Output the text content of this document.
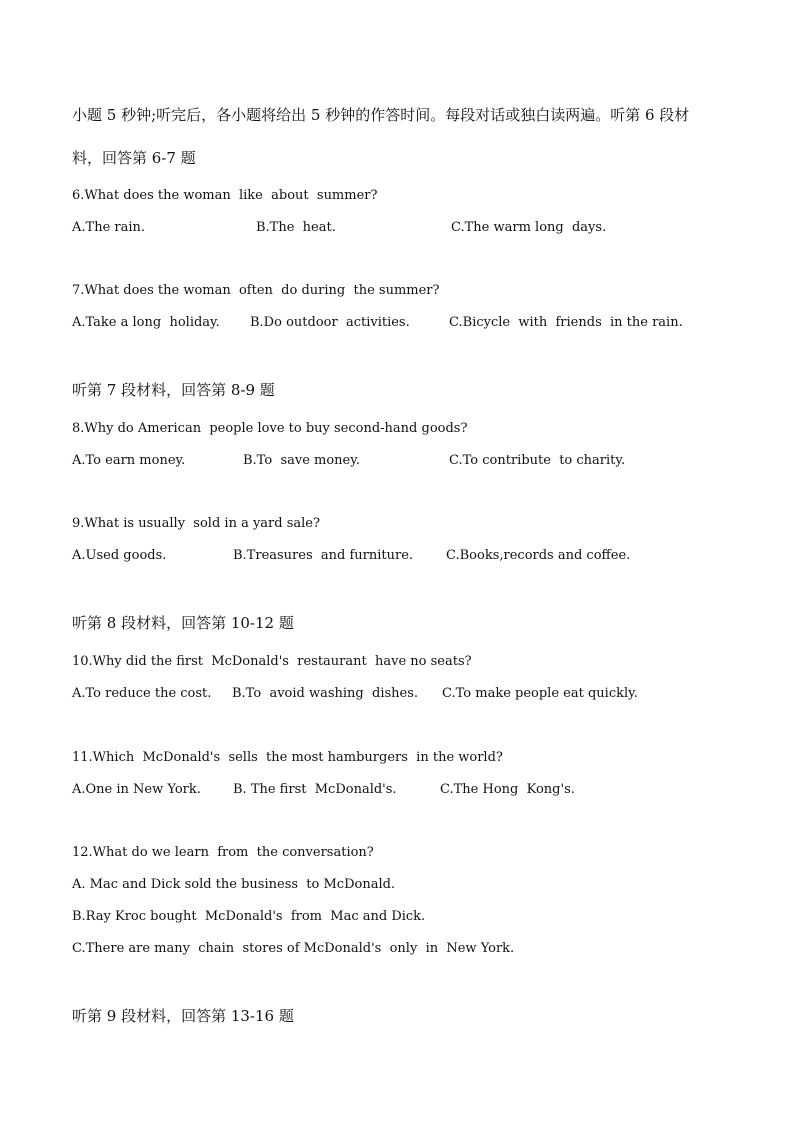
小题 5 秒钟;听完后，各小题将给出 5 秒钟的作答时间。每段对话或独白读两遍。听第 6 段材
料，回答第 6-7 题
6.What does the woman  like  about  summer?
A.The rain.	B.The  heat.	C.The warm long  days.
7.What does the woman  often  do during  the summer?
A.Take a long  holiday. B.Do outdoor  activities.	C.Bicycle  with  friends  in the rain.
听第 7 段材料，回答第 8-9 题
8.Why do American  people love to buy second-hand goods?
A.To earn money.	B.To  save money.	C.To contribute  to charity.
9.What is usually  sold in a yard sale?
A.Used goods.	B.Treasures  and furniture.	C.Books,records and coffee.
听第 8 段材料，回答第 10-12 题
10.Why did the first  McDonald's  restaurant  have no seats?
A.To reduce the cost. B.To  avoid washing  dishes. C.To make people eat quickly.
11.Which  McDonald's  sells  the most hamburgers  in the world?
A.One in New York. B. The first  McDonald's.	C.The Hong  Kong's.
12.What do we learn  from  the conversation?
A. Mac and Dick sold the business  to McDonald.
B.Ray Kroc bought  McDonald's  from  Mac and Dick.
C.There are many  chain  stores of McDonald's  only  in  New York.
听第 9 段材料，回答第 13-16 题
